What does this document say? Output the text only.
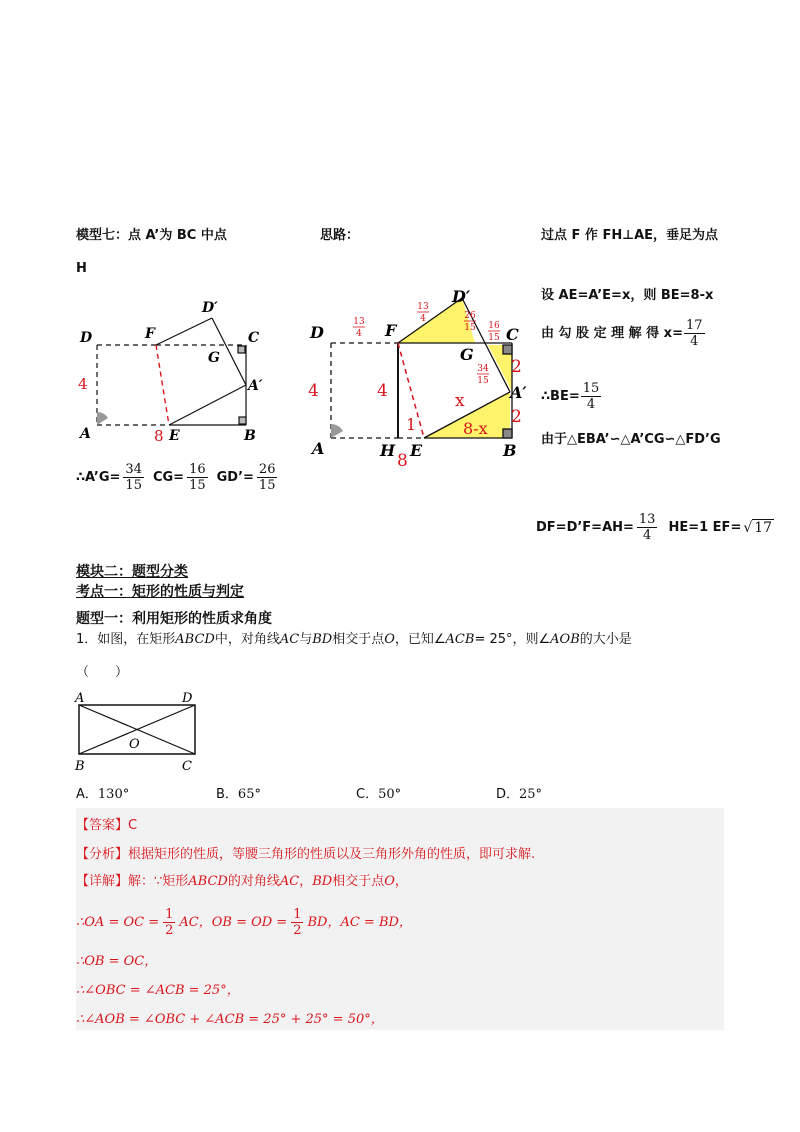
模型七：点 A’为 BC 中点	思路：	过点 F 作 FH⊥AE，垂足为点
H
D	F
D′
C
G
A′
A	E	B
4
8
∴A’G= $\frac{34}{15} CG= \frac{16}{15}$ GD’= $\frac{26}{15}$
D	F
D′
C
G
A′
A	H E	B
4	4
8
1
x
8-x
2
2
13
4
13
4	26
15 16
15
34
15
设 AE=A’E=x，则 BE=8-x
由 勾 股 定 理 解 得 $x= \frac{17}{4}$
∴BE= $\frac{15}{4}$
由于△EBA’∽△A’CG∽△FD’G
DF=D’F=AH= $\frac{13}{4} HE=1$ EF= √ 17
模块二：题型分类
考点一：矩形的性质与判定
题型一：利用矩形的性质求角度
1．如图，在矩形ABCD中，对角线AC与BD相交于点O，已知∠ACB= 25°，则∠AOB的大小是
（　　）
A	D
O
B	C
A．130°	B．65°	C．50°	D．25°
【答案】C
【分析】根据矩形的性质，等腰三角形的性质以及三角形外角的性质，即可求解.
【详解】解：∵矩形ABCD的对角线AC，BD相交于点O，
∴OA = OC = $\frac{1}{2}$ AC，OB = OD = $\frac{1}{2}$ BD，AC = BD，
∴OB = OC，
∴∠OBC = ∠ACB = 25°，
∴∠AOB = ∠OBC + ∠ACB = 25° + 25° = 50°，
